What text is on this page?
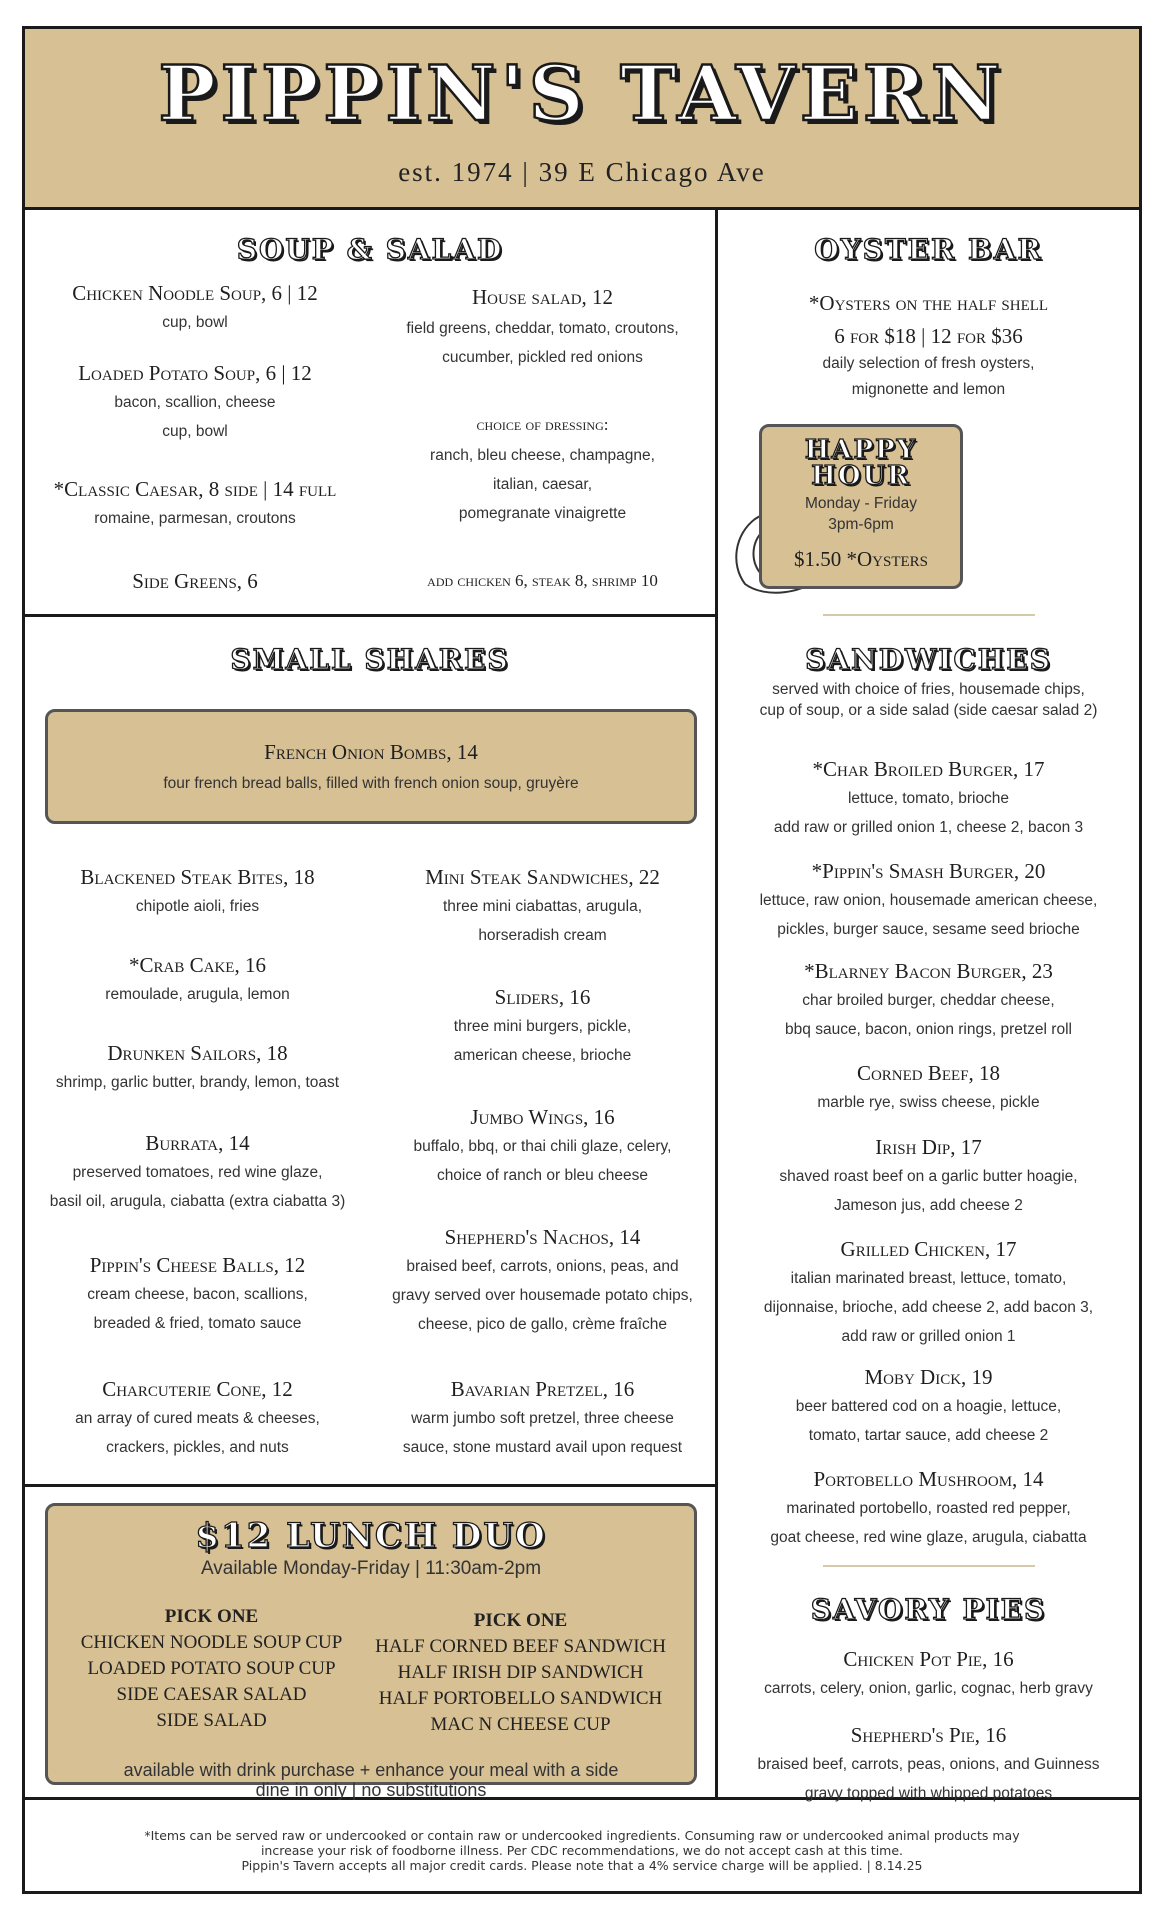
PIPPIN'S TAVERN
est. 1974 | 39 E Chicago Ave
SOUP & SALAD
Chicken Noodle Soup, 6 | 12
cup, bowl
Loaded Potato Soup, 6 | 12
bacon, scallion, cheese
cup, bowl
*Classic Caesar, 8 side | 14 full
romaine, parmesan, croutons
Side Greens, 6
House salad, 12
field greens, cheddar, tomato, croutons,
cucumber, pickled red onions
choice of dressing:
ranch, bleu cheese, champagne,
italian, caesar,
pomegranate vinaigrette
add chicken 6, steak 8, shrimp 10
OYSTER BAR
*Oysters on the half shell
6 for $18 | 12 for $36
daily selection of fresh oysters,
mignonette and lemon
HAPPY HOUR
Monday - Friday
3pm-6pm
$1.50 *Oysters
SANDWICHES
served with choice of fries, housemade chips,
cup of soup, or a side salad (side caesar salad 2)
*Char Broiled Burger, 17
lettuce, tomato, brioche
add raw or grilled onion 1, cheese 2, bacon 3
*Pippin's Smash Burger, 20
lettuce, raw onion, housemade american cheese,
pickles, burger sauce, sesame seed brioche
*Blarney Bacon Burger, 23
char broiled burger, cheddar cheese,
bbq sauce, bacon, onion rings, pretzel roll
Corned Beef, 18
marble rye, swiss cheese, pickle
Irish Dip, 17
shaved roast beef on a garlic butter hoagie,
Jameson jus, add cheese 2
Grilled Chicken, 17
italian marinated breast, lettuce, tomato,
dijonnaise, brioche, add cheese 2, add bacon 3,
add raw or grilled onion 1
Moby Dick, 19
beer battered cod on a hoagie, lettuce,
tomato, tartar sauce, add cheese 2
Portobello Mushroom, 14
marinated portobello, roasted red pepper,
goat cheese, red wine glaze, arugula, ciabatta
SAVORY PIES
Chicken Pot Pie, 16
carrots, celery, onion, garlic, cognac, herb gravy
Shepherd's Pie, 16
braised beef, carrots, peas, onions, and Guinness
gravy topped with whipped potatoes
SMALL SHARES
French Onion Bombs, 14
four french bread balls, filled with french onion soup, gruyère
Blackened Steak Bites, 18
chipotle aioli, fries
*Crab Cake, 16
remoulade, arugula, lemon
Drunken Sailors, 18
shrimp, garlic butter, brandy, lemon, toast
Burrata, 14
preserved tomatoes, red wine glaze,
basil oil, arugula, ciabatta (extra ciabatta 3)
Pippin's Cheese Balls, 12
cream cheese, bacon, scallions,
breaded & fried, tomato sauce
Charcuterie Cone, 12
an array of cured meats & cheeses,
crackers, pickles, and nuts
Mini Steak Sandwiches, 22
three mini ciabattas, arugula,
horseradish cream
Sliders, 16
three mini burgers, pickle,
american cheese, brioche
Jumbo Wings, 16
buffalo, bbq, or thai chili glaze, celery,
choice of ranch or bleu cheese
Shepherd's Nachos, 14
braised beef, carrots, onions, peas, and
gravy served over housemade potato chips,
cheese, pico de gallo, crème fraîche
Bavarian Pretzel, 16
warm jumbo soft pretzel, three cheese
sauce, stone mustard avail upon request
$12 LUNCH DUO
Available Monday-Friday | 11:30am-2pm
PICK ONE
CHICKEN NOODLE SOUP CUP
LOADED POTATO SOUP CUP
SIDE CAESAR SALAD
SIDE SALAD
PICK ONE
HALF CORNED BEEF SANDWICH
HALF IRISH DIP SANDWICH
HALF PORTOBELLO SANDWICH
MAC N CHEESE CUP
available with drink purchase + enhance your meal with a side
dine in only | no substitutions
*Items can be served raw or undercooked or contain raw or undercooked ingredients. Consuming raw or undercooked animal products may
increase your risk of foodborne illness. Per CDC recommendations, we do not accept cash at this time.
Pippin's Tavern accepts all major credit cards. Please note that a 4% service charge will be applied. | 8.14.25
